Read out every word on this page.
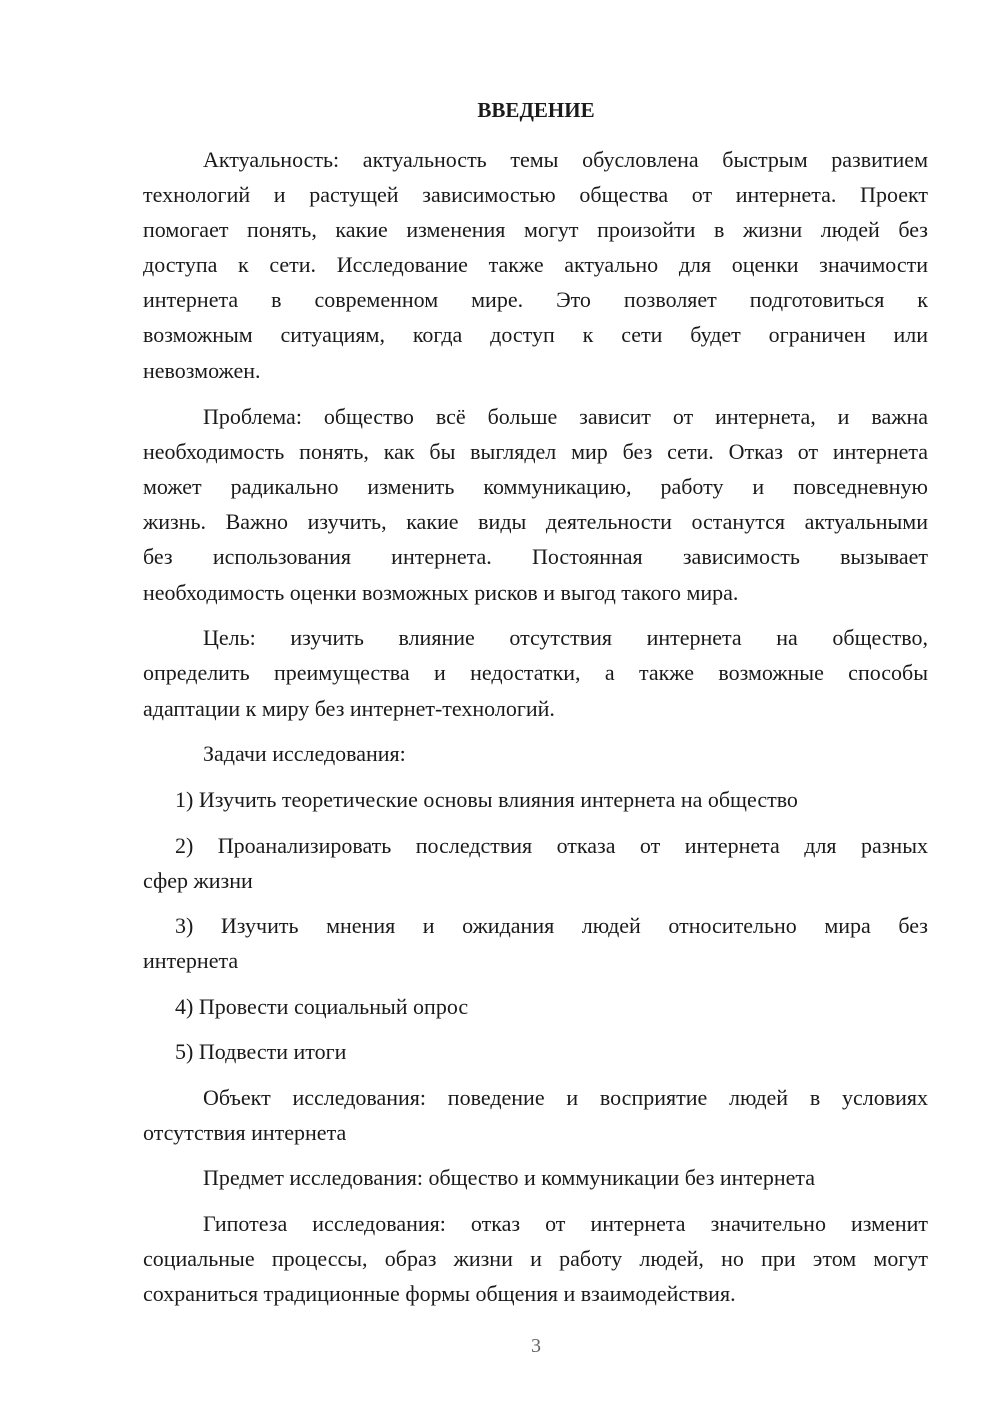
ВВЕДЕНИЕ
Актуальность: актуальность темы обусловлена быстрым развитием
технологий и растущей зависимостью общества от интернета. Проект
помогает понять, какие изменения могут произойти в жизни людей без
доступа к сети. Исследование также актуально для оценки значимости
интернета в современном мире. Это позволяет подготовиться к
возможным ситуациям, когда доступ к сети будет ограничен или
невозможен.
Проблема: общество всё больше зависит от интернета, и важна
необходимость понять, как бы выглядел мир без сети. Отказ от интернета
может радикально изменить коммуникацию, работу и повседневную
жизнь. Важно изучить, какие виды деятельности останутся актуальными
без использования интернета. Постоянная зависимость вызывает
необходимость оценки возможных рисков и выгод такого мира.
Цель: изучить влияние отсутствия интернета на общество,
определить преимущества и недостатки, а также возможные способы
адаптации к миру без интернет-технологий.
Задачи исследования:
1) Изучить теоретические основы влияния интернета на общество
2) Проанализировать последствия отказа от интернета для разных
сфер жизни
3) Изучить мнения и ожидания людей относительно мира без
интернета
4) Провести социальный опрос
5) Подвести итоги
Объект исследования: поведение и восприятие людей в условиях
отсутствия интернета
Предмет исследования: общество и коммуникации без интернета
Гипотеза исследования: отказ от интернета значительно изменит
социальные процессы, образ жизни и работу людей, но при этом могут
сохраниться традиционные формы общения и взаимодействия.
3
